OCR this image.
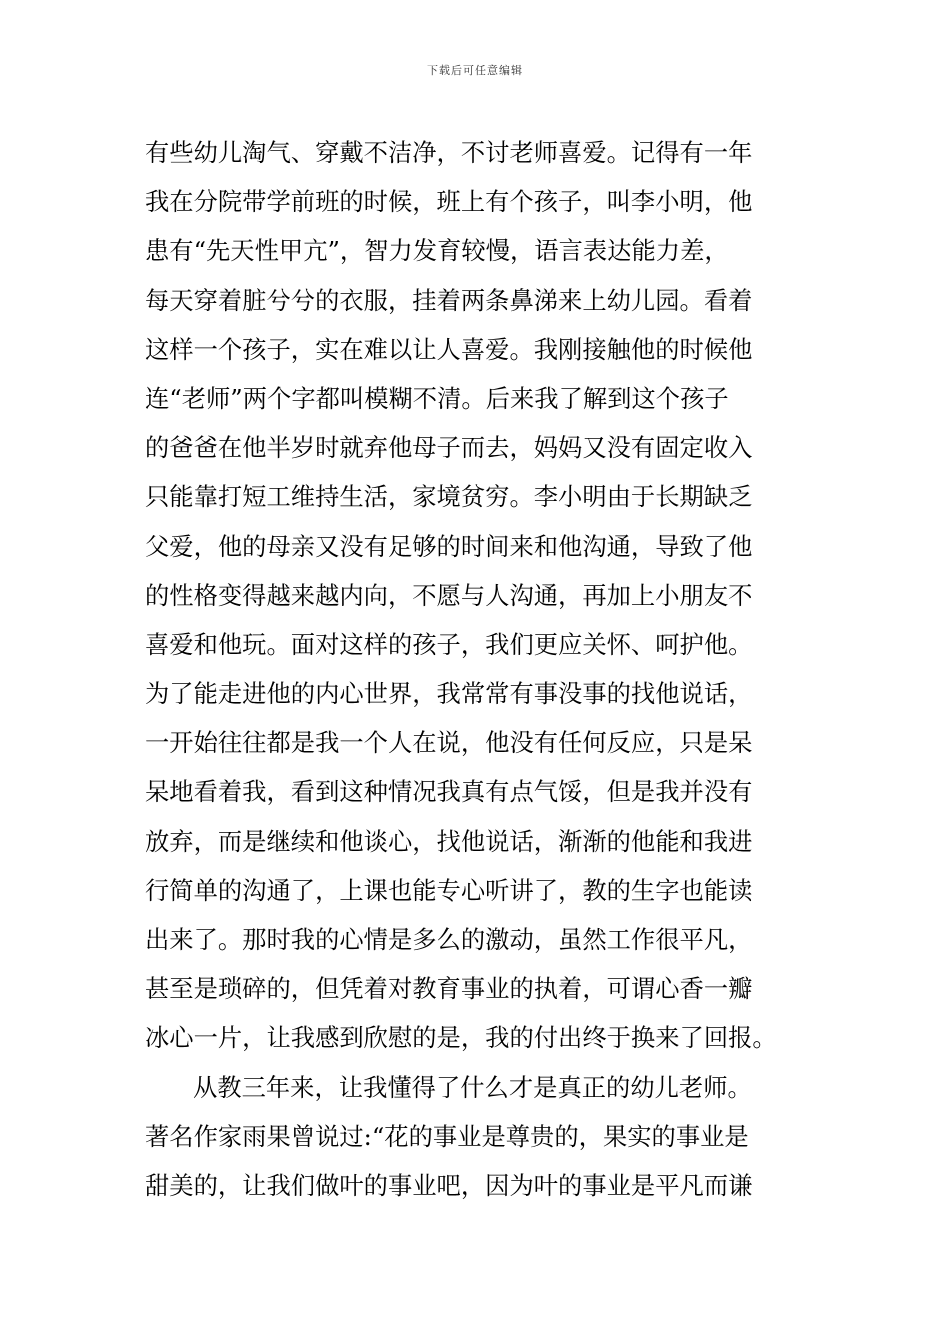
下载后可任意编辑
有些幼儿淘气、穿戴不洁净，不讨老师喜爱。记得有一年
我在分院带学前班的时候，班上有个孩子，叫李小明，他
患有“先天性甲亢”，智力发育较慢，语言表达能力差，
每天穿着脏兮兮的衣服，挂着两条鼻涕来上幼儿园。看着
这样一个孩子，实在难以让人喜爱。我刚接触他的时候他
连“老师”两个字都叫模糊不清。后来我了解到这个孩子
的爸爸在他半岁时就弃他母子而去，妈妈又没有固定收入
只能靠打短工维持生活，家境贫穷。李小明由于长期缺乏
父爱，他的母亲又没有足够的时间来和他沟通，导致了他
的性格变得越来越内向，不愿与人沟通，再加上小朋友不
喜爱和他玩。面对这样的孩子，我们更应关怀、呵护他。
为了能走进他的内心世界，我常常有事没事的找他说话，
一开始往往都是我一个人在说，他没有任何反应，只是呆
呆地看着我，看到这种情况我真有点气馁，但是我并没有
放弃，而是继续和他谈心，找他说话，渐渐的他能和我进
行简单的沟通了，上课也能专心听讲了，教的生字也能读
出来了。那时我的心情是多么的激动，虽然工作很平凡，
甚至是琐碎的，但凭着对教育事业的执着，可谓心香一瓣
冰心一片，让我感到欣慰的是，我的付出终于换来了回报。
从教三年来，让我懂得了什么才是真正的幼儿老师。
著名作家雨果曾说过:“花的事业是尊贵的，果实的事业是
甜美的，让我们做叶的事业吧，因为叶的事业是平凡而谦
